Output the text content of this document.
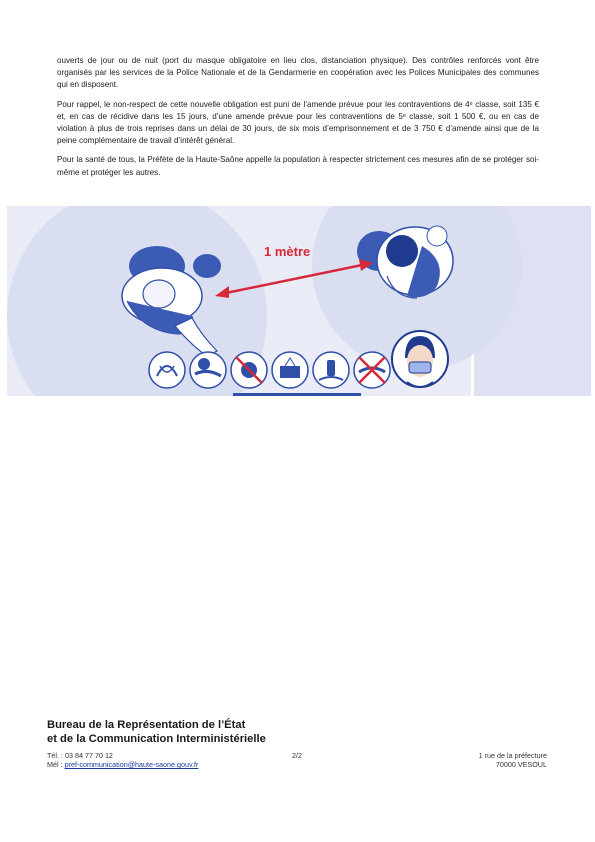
ouverts de jour ou de nuit (port du masque obligatoire en lieu clos, distanciation physique). Des contrôles renforcés vont être organisés par les services de la Police Nationale et de la Gendarmerie en coopération avec les Polices Municipales des communes qui en disposent.

Pour rappel, le non-respect de cette nouvelle obligation est puni de l’amende prévue pour les contraventions de 4ᵉ classe, soit 135 € et, en cas de récidive dans les 15 jours, d’une amende prévue pour les contraventions de 5ᵉ classe, soit 1 500 €, ou en cas de violation à plus de trois reprises dans un délai de 30 jours, de six mois d’emprisonnement et de 3 750 € d’amende ainsi que de la peine complémentaire de travail d’intérêt général.

Pour la santé de tous, la Préfète de la Haute-Saône appelle la population à respecter strictement ces mesures afin de se protéger soi-même et protéger les autres.

1 mètre
Bureau de la Représentation de l’État
et de la Communication Interministérielle
Tél. : 03 84 77 70 12
Mél : pref-communication@haute-saone.gouv.fr
2/2	1 rue de la préfecture
70000 VESOUL
